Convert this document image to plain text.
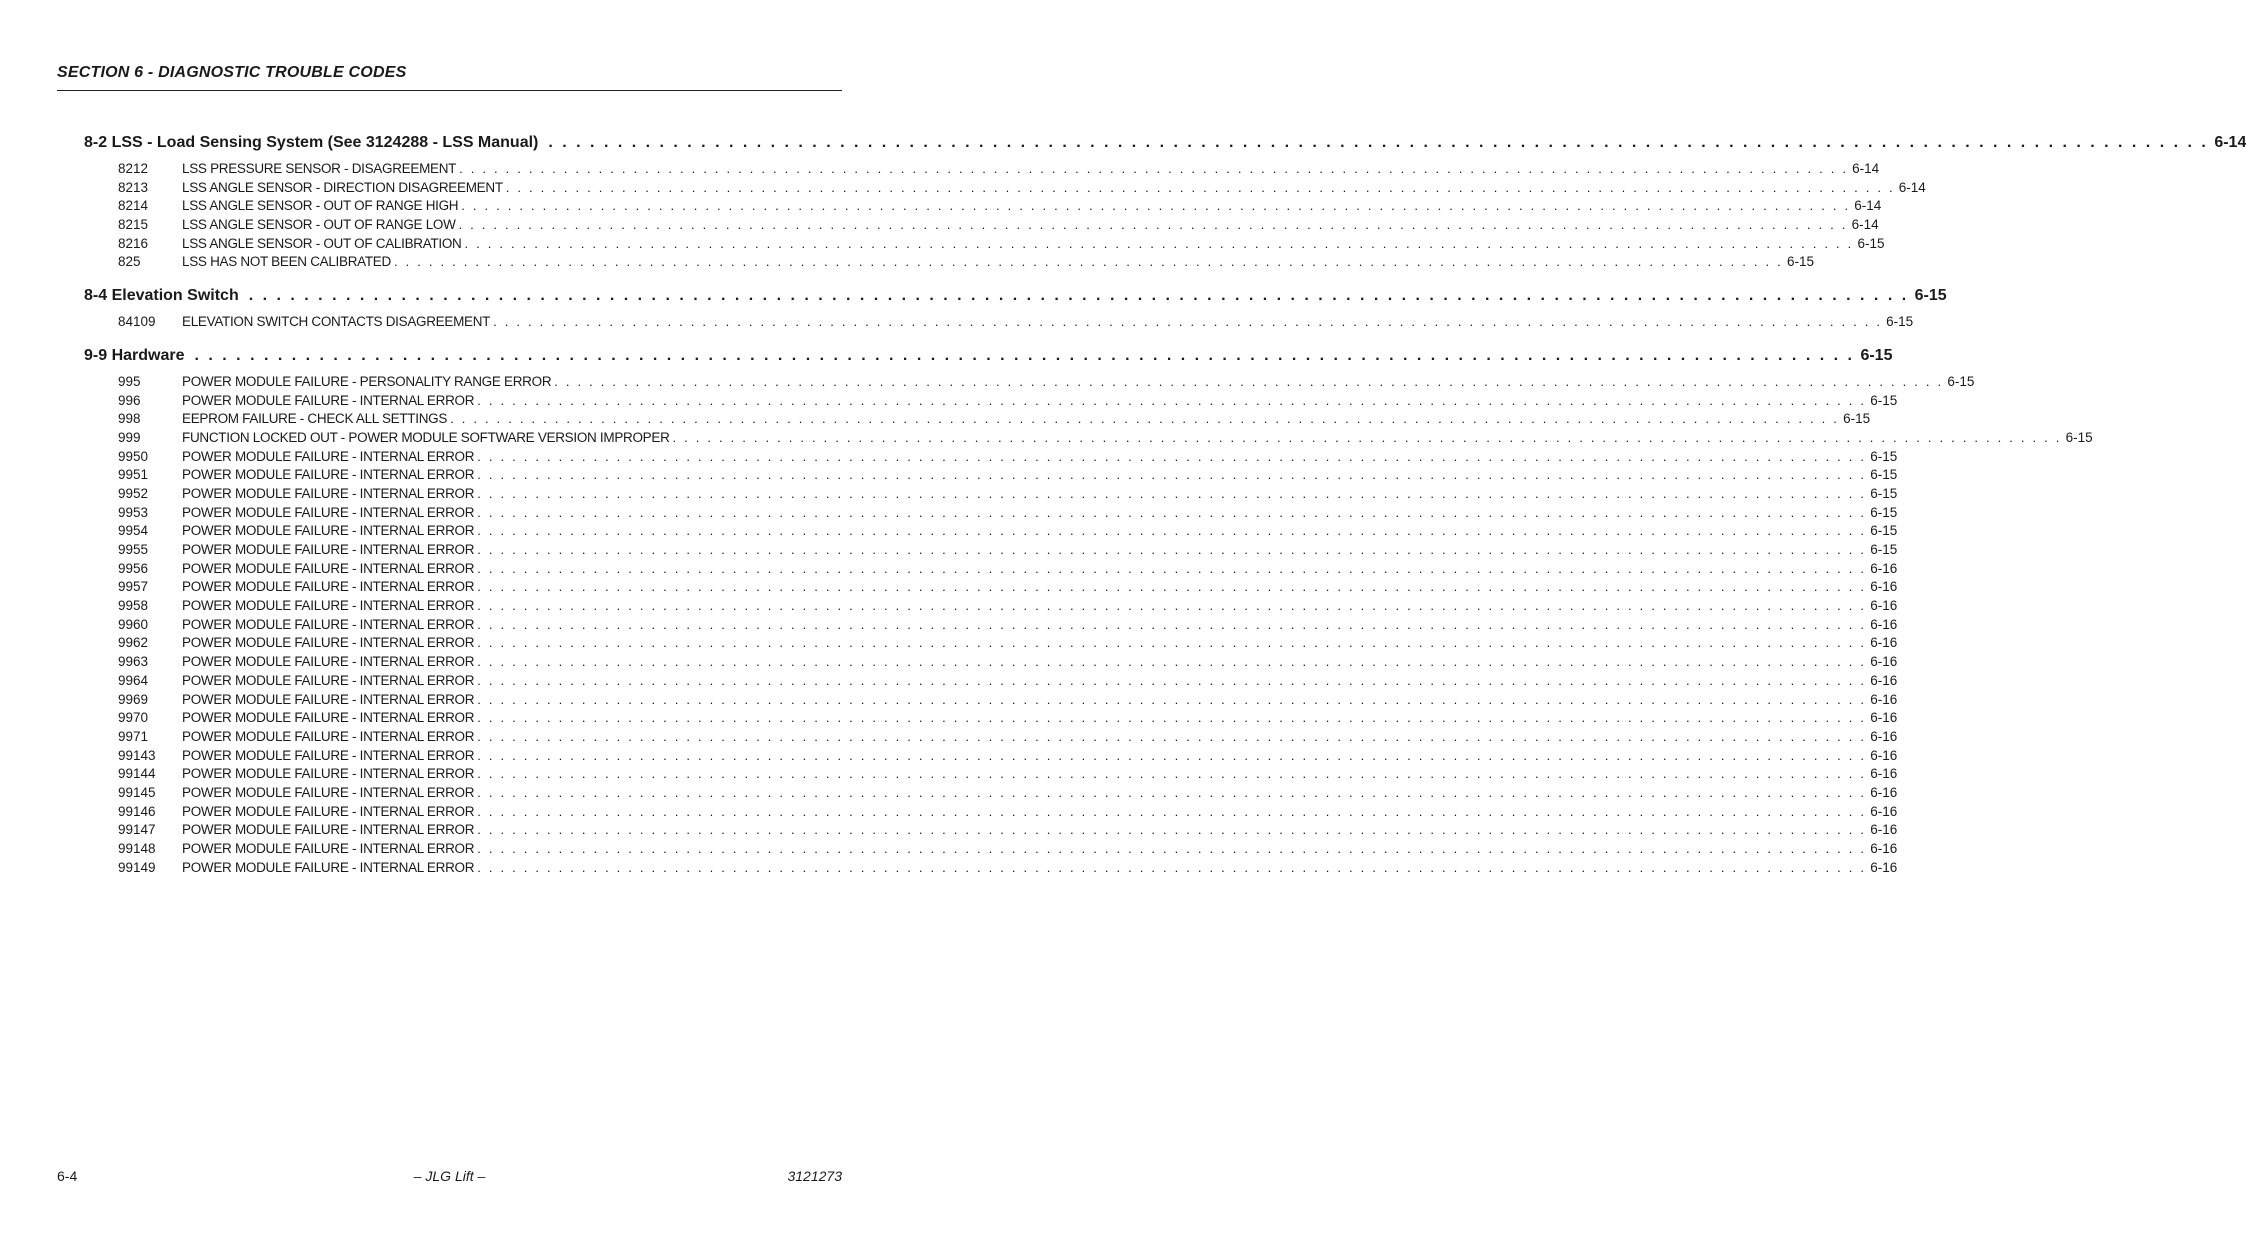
SECTION 6 - DIAGNOSTIC TROUBLE CODES
8-2 LSS - Load Sensing System (See 3124288 - LSS Manual) . . . . . . . . . . . . . . . . . . . . . . . . . . . . . . . . . . . . . . . . . . . . . . . . . . . . . . . . . . . . . . . . . . . . . . . . . . . . . . . . . . . . . . . . . . . . . . . . . . . . . . . . . . . . . . . . . . . . . . . . 6-14
8212	LSS PRESSURE SENSOR - DISAGREEMENT . . . . . . . . . . . . . . . . . . . . . . . . . . . . . . . . . . . . . . . . . . . . . . . . . . . . . . . . . . . . . . . . . . . . . . . . . . . . . . . . . . . . . . . . . . . . . . . . . . . . . . . . . . . . . . . . . . . . . . . . 6-14
8213	LSS ANGLE SENSOR - DIRECTION DISAGREEMENT . . . . . . . . . . . . . . . . . . . . . . . . . . . . . . . . . . . . . . . . . . . . . . . . . . . . . . . . . . . . . . . . . . . . . . . . . . . . . . . . . . . . . . . . . . . . . . . . . . . . . . . . . . . . . . . . . . . . . . . . 6-14
8214	LSS ANGLE SENSOR - OUT OF RANGE HIGH . . . . . . . . . . . . . . . . . . . . . . . . . . . . . . . . . . . . . . . . . . . . . . . . . . . . . . . . . . . . . . . . . . . . . . . . . . . . . . . . . . . . . . . . . . . . . . . . . . . . . . . . . . . . . . . . . . . . . . . . 6-14
8215	LSS ANGLE SENSOR - OUT OF RANGE LOW . . . . . . . . . . . . . . . . . . . . . . . . . . . . . . . . . . . . . . . . . . . . . . . . . . . . . . . . . . . . . . . . . . . . . . . . . . . . . . . . . . . . . . . . . . . . . . . . . . . . . . . . . . . . . . . . . . . . . . . . 6-14
8216	LSS ANGLE SENSOR - OUT OF CALIBRATION . . . . . . . . . . . . . . . . . . . . . . . . . . . . . . . . . . . . . . . . . . . . . . . . . . . . . . . . . . . . . . . . . . . . . . . . . . . . . . . . . . . . . . . . . . . . . . . . . . . . . . . . . . . . . . . . . . . . . . . . 6-15
825	LSS HAS NOT BEEN CALIBRATED . . . . . . . . . . . . . . . . . . . . . . . . . . . . . . . . . . . . . . . . . . . . . . . . . . . . . . . . . . . . . . . . . . . . . . . . . . . . . . . . . . . . . . . . . . . . . . . . . . . . . . . . . . . . . . . . . . . . . . . . 6-15
8-4 Elevation Switch . . . . . . . . . . . . . . . . . . . . . . . . . . . . . . . . . . . . . . . . . . . . . . . . . . . . . . . . . . . . . . . . . . . . . . . . . . . . . . . . . . . . . . . . . . . . . . . . . . . . . . . . . . . . . . . . . . . . . . . . 6-15
84109	ELEVATION SWITCH CONTACTS DISAGREEMENT . . . . . . . . . . . . . . . . . . . . . . . . . . . . . . . . . . . . . . . . . . . . . . . . . . . . . . . . . . . . . . . . . . . . . . . . . . . . . . . . . . . . . . . . . . . . . . . . . . . . . . . . . . . . . . . . . . . . . . . . 6-15
9-9 Hardware . . . . . . . . . . . . . . . . . . . . . . . . . . . . . . . . . . . . . . . . . . . . . . . . . . . . . . . . . . . . . . . . . . . . . . . . . . . . . . . . . . . . . . . . . . . . . . . . . . . . . . . . . . . . . . . . . . . . . . . . 6-15
995	POWER MODULE FAILURE - PERSONALITY RANGE ERROR . . . . . . . . . . . . . . . . . . . . . . . . . . . . . . . . . . . . . . . . . . . . . . . . . . . . . . . . . . . . . . . . . . . . . . . . . . . . . . . . . . . . . . . . . . . . . . . . . . . . . . . . . . . . . . . . . . . . . . . . 6-15
996	POWER MODULE FAILURE - INTERNAL ERROR . . . . . . . . . . . . . . . . . . . . . . . . . . . . . . . . . . . . . . . . . . . . . . . . . . . . . . . . . . . . . . . . . . . . . . . . . . . . . . . . . . . . . . . . . . . . . . . . . . . . . . . . . . . . . . . . . . . . . . . . 6-15
998	EEPROM FAILURE - CHECK ALL SETTINGS . . . . . . . . . . . . . . . . . . . . . . . . . . . . . . . . . . . . . . . . . . . . . . . . . . . . . . . . . . . . . . . . . . . . . . . . . . . . . . . . . . . . . . . . . . . . . . . . . . . . . . . . . . . . . . . . . . . . . . . . 6-15
999	FUNCTION LOCKED OUT - POWER MODULE SOFTWARE VERSION IMPROPER . . . . . . . . . . . . . . . . . . . . . . . . . . . . . . . . . . . . . . . . . . . . . . . . . . . . . . . . . . . . . . . . . . . . . . . . . . . . . . . . . . . . . . . . . . . . . . . . . . . . . . . . . . . . . . . . . . . . . . . . 6-15
9950	POWER MODULE FAILURE - INTERNAL ERROR . . . . . . . . . . . . . . . . . . . . . . . . . . . . . . . . . . . . . . . . . . . . . . . . . . . . . . . . . . . . . . . . . . . . . . . . . . . . . . . . . . . . . . . . . . . . . . . . . . . . . . . . . . . . . . . . . . . . . . . . 6-15
9951	POWER MODULE FAILURE - INTERNAL ERROR . . . . . . . . . . . . . . . . . . . . . . . . . . . . . . . . . . . . . . . . . . . . . . . . . . . . . . . . . . . . . . . . . . . . . . . . . . . . . . . . . . . . . . . . . . . . . . . . . . . . . . . . . . . . . . . . . . . . . . . . 6-15
9952	POWER MODULE FAILURE - INTERNAL ERROR . . . . . . . . . . . . . . . . . . . . . . . . . . . . . . . . . . . . . . . . . . . . . . . . . . . . . . . . . . . . . . . . . . . . . . . . . . . . . . . . . . . . . . . . . . . . . . . . . . . . . . . . . . . . . . . . . . . . . . . . 6-15
9953	POWER MODULE FAILURE - INTERNAL ERROR . . . . . . . . . . . . . . . . . . . . . . . . . . . . . . . . . . . . . . . . . . . . . . . . . . . . . . . . . . . . . . . . . . . . . . . . . . . . . . . . . . . . . . . . . . . . . . . . . . . . . . . . . . . . . . . . . . . . . . . . 6-15
9954	POWER MODULE FAILURE - INTERNAL ERROR . . . . . . . . . . . . . . . . . . . . . . . . . . . . . . . . . . . . . . . . . . . . . . . . . . . . . . . . . . . . . . . . . . . . . . . . . . . . . . . . . . . . . . . . . . . . . . . . . . . . . . . . . . . . . . . . . . . . . . . . 6-15
9955	POWER MODULE FAILURE - INTERNAL ERROR . . . . . . . . . . . . . . . . . . . . . . . . . . . . . . . . . . . . . . . . . . . . . . . . . . . . . . . . . . . . . . . . . . . . . . . . . . . . . . . . . . . . . . . . . . . . . . . . . . . . . . . . . . . . . . . . . . . . . . . . 6-15
9956	POWER MODULE FAILURE - INTERNAL ERROR . . . . . . . . . . . . . . . . . . . . . . . . . . . . . . . . . . . . . . . . . . . . . . . . . . . . . . . . . . . . . . . . . . . . . . . . . . . . . . . . . . . . . . . . . . . . . . . . . . . . . . . . . . . . . . . . . . . . . . . . 6-16
9957	POWER MODULE FAILURE - INTERNAL ERROR . . . . . . . . . . . . . . . . . . . . . . . . . . . . . . . . . . . . . . . . . . . . . . . . . . . . . . . . . . . . . . . . . . . . . . . . . . . . . . . . . . . . . . . . . . . . . . . . . . . . . . . . . . . . . . . . . . . . . . . . 6-16
9958	POWER MODULE FAILURE - INTERNAL ERROR . . . . . . . . . . . . . . . . . . . . . . . . . . . . . . . . . . . . . . . . . . . . . . . . . . . . . . . . . . . . . . . . . . . . . . . . . . . . . . . . . . . . . . . . . . . . . . . . . . . . . . . . . . . . . . . . . . . . . . . . 6-16
9960	POWER MODULE FAILURE - INTERNAL ERROR . . . . . . . . . . . . . . . . . . . . . . . . . . . . . . . . . . . . . . . . . . . . . . . . . . . . . . . . . . . . . . . . . . . . . . . . . . . . . . . . . . . . . . . . . . . . . . . . . . . . . . . . . . . . . . . . . . . . . . . . 6-16
9962	POWER MODULE FAILURE - INTERNAL ERROR . . . . . . . . . . . . . . . . . . . . . . . . . . . . . . . . . . . . . . . . . . . . . . . . . . . . . . . . . . . . . . . . . . . . . . . . . . . . . . . . . . . . . . . . . . . . . . . . . . . . . . . . . . . . . . . . . . . . . . . . 6-16
9963	POWER MODULE FAILURE - INTERNAL ERROR . . . . . . . . . . . . . . . . . . . . . . . . . . . . . . . . . . . . . . . . . . . . . . . . . . . . . . . . . . . . . . . . . . . . . . . . . . . . . . . . . . . . . . . . . . . . . . . . . . . . . . . . . . . . . . . . . . . . . . . . 6-16
9964	POWER MODULE FAILURE - INTERNAL ERROR . . . . . . . . . . . . . . . . . . . . . . . . . . . . . . . . . . . . . . . . . . . . . . . . . . . . . . . . . . . . . . . . . . . . . . . . . . . . . . . . . . . . . . . . . . . . . . . . . . . . . . . . . . . . . . . . . . . . . . . . 6-16
9969	POWER MODULE FAILURE - INTERNAL ERROR . . . . . . . . . . . . . . . . . . . . . . . . . . . . . . . . . . . . . . . . . . . . . . . . . . . . . . . . . . . . . . . . . . . . . . . . . . . . . . . . . . . . . . . . . . . . . . . . . . . . . . . . . . . . . . . . . . . . . . . . 6-16
9970	POWER MODULE FAILURE - INTERNAL ERROR . . . . . . . . . . . . . . . . . . . . . . . . . . . . . . . . . . . . . . . . . . . . . . . . . . . . . . . . . . . . . . . . . . . . . . . . . . . . . . . . . . . . . . . . . . . . . . . . . . . . . . . . . . . . . . . . . . . . . . . . 6-16
9971	POWER MODULE FAILURE - INTERNAL ERROR . . . . . . . . . . . . . . . . . . . . . . . . . . . . . . . . . . . . . . . . . . . . . . . . . . . . . . . . . . . . . . . . . . . . . . . . . . . . . . . . . . . . . . . . . . . . . . . . . . . . . . . . . . . . . . . . . . . . . . . . 6-16
99143	POWER MODULE FAILURE - INTERNAL ERROR . . . . . . . . . . . . . . . . . . . . . . . . . . . . . . . . . . . . . . . . . . . . . . . . . . . . . . . . . . . . . . . . . . . . . . . . . . . . . . . . . . . . . . . . . . . . . . . . . . . . . . . . . . . . . . . . . . . . . . . . 6-16
99144	POWER MODULE FAILURE - INTERNAL ERROR . . . . . . . . . . . . . . . . . . . . . . . . . . . . . . . . . . . . . . . . . . . . . . . . . . . . . . . . . . . . . . . . . . . . . . . . . . . . . . . . . . . . . . . . . . . . . . . . . . . . . . . . . . . . . . . . . . . . . . . . 6-16
99145	POWER MODULE FAILURE - INTERNAL ERROR . . . . . . . . . . . . . . . . . . . . . . . . . . . . . . . . . . . . . . . . . . . . . . . . . . . . . . . . . . . . . . . . . . . . . . . . . . . . . . . . . . . . . . . . . . . . . . . . . . . . . . . . . . . . . . . . . . . . . . . . 6-16
99146	POWER MODULE FAILURE - INTERNAL ERROR . . . . . . . . . . . . . . . . . . . . . . . . . . . . . . . . . . . . . . . . . . . . . . . . . . . . . . . . . . . . . . . . . . . . . . . . . . . . . . . . . . . . . . . . . . . . . . . . . . . . . . . . . . . . . . . . . . . . . . . . 6-16
99147	POWER MODULE FAILURE - INTERNAL ERROR . . . . . . . . . . . . . . . . . . . . . . . . . . . . . . . . . . . . . . . . . . . . . . . . . . . . . . . . . . . . . . . . . . . . . . . . . . . . . . . . . . . . . . . . . . . . . . . . . . . . . . . . . . . . . . . . . . . . . . . . 6-16
99148	POWER MODULE FAILURE - INTERNAL ERROR . . . . . . . . . . . . . . . . . . . . . . . . . . . . . . . . . . . . . . . . . . . . . . . . . . . . . . . . . . . . . . . . . . . . . . . . . . . . . . . . . . . . . . . . . . . . . . . . . . . . . . . . . . . . . . . . . . . . . . . . 6-16
99149	POWER MODULE FAILURE - INTERNAL ERROR . . . . . . . . . . . . . . . . . . . . . . . . . . . . . . . . . . . . . . . . . . . . . . . . . . . . . . . . . . . . . . . . . . . . . . . . . . . . . . . . . . . . . . . . . . . . . . . . . . . . . . . . . . . . . . . . . . . . . . . . 6-16
6-4	– JLG Lift –	3121273
